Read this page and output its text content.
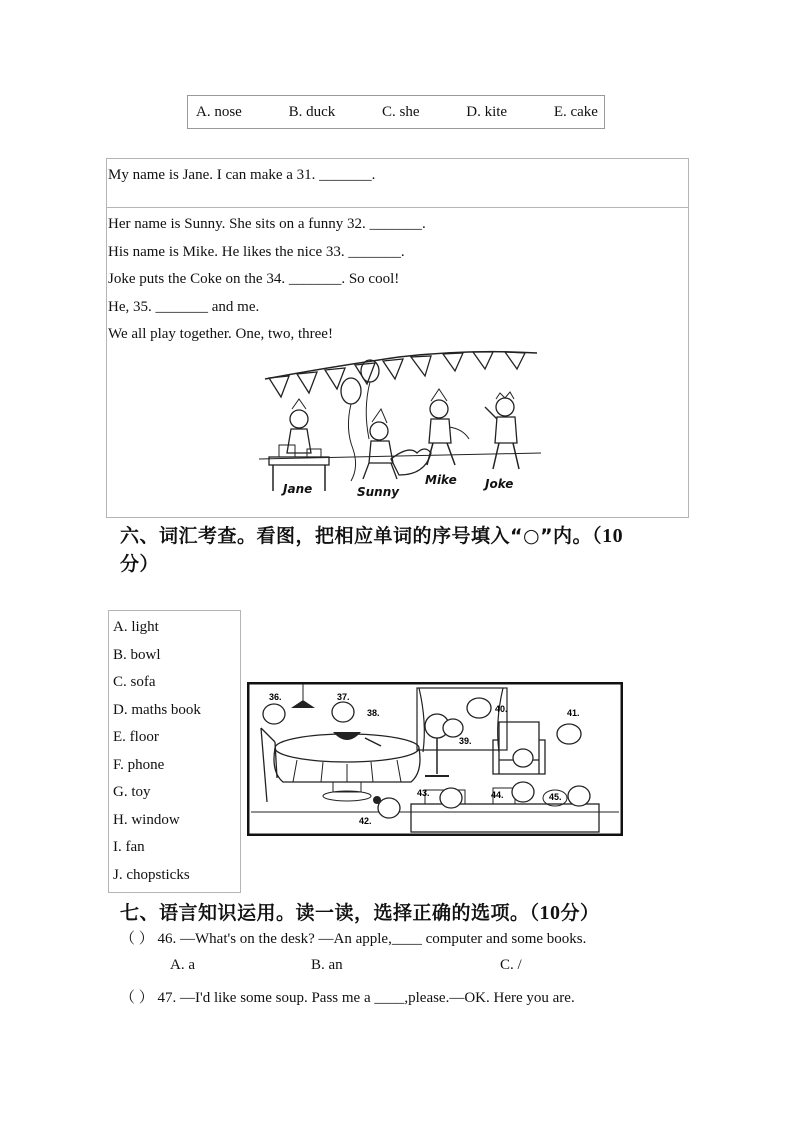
A. nose	B. duck	C. she	D. kite	E. cake
My name is Jane. I can make a 31. _______.
Her name is Sunny. She sits on a funny 32. _______.
His name is Mike. He likes the nice 33. _______.
Joke puts the Coke on the 34. _______. So cool!
He, 35. _______ and me.
We all play together. One, two, three!
Jane	Sunny
Mike Joke
六、词汇考查。看图，把相应单词的序号填入“○”内。（10
分）
A. light
B. bowl
C. sofa
D. maths book
E. floor
F. phone
G. toy
H. window
I. fan
J. chopsticks
36.	37.
38.
39.
40.	41.
42.
43.	44.	45.
七、语言知识运用。读一读，选择正确的选项。（10分）
（ ） 46. —What's on the desk? —An apple,____ computer and some books.
A. a	B. an	C. /
（ ） 47. —I'd like some soup. Pass me a ____,please.—OK. Here you are.
